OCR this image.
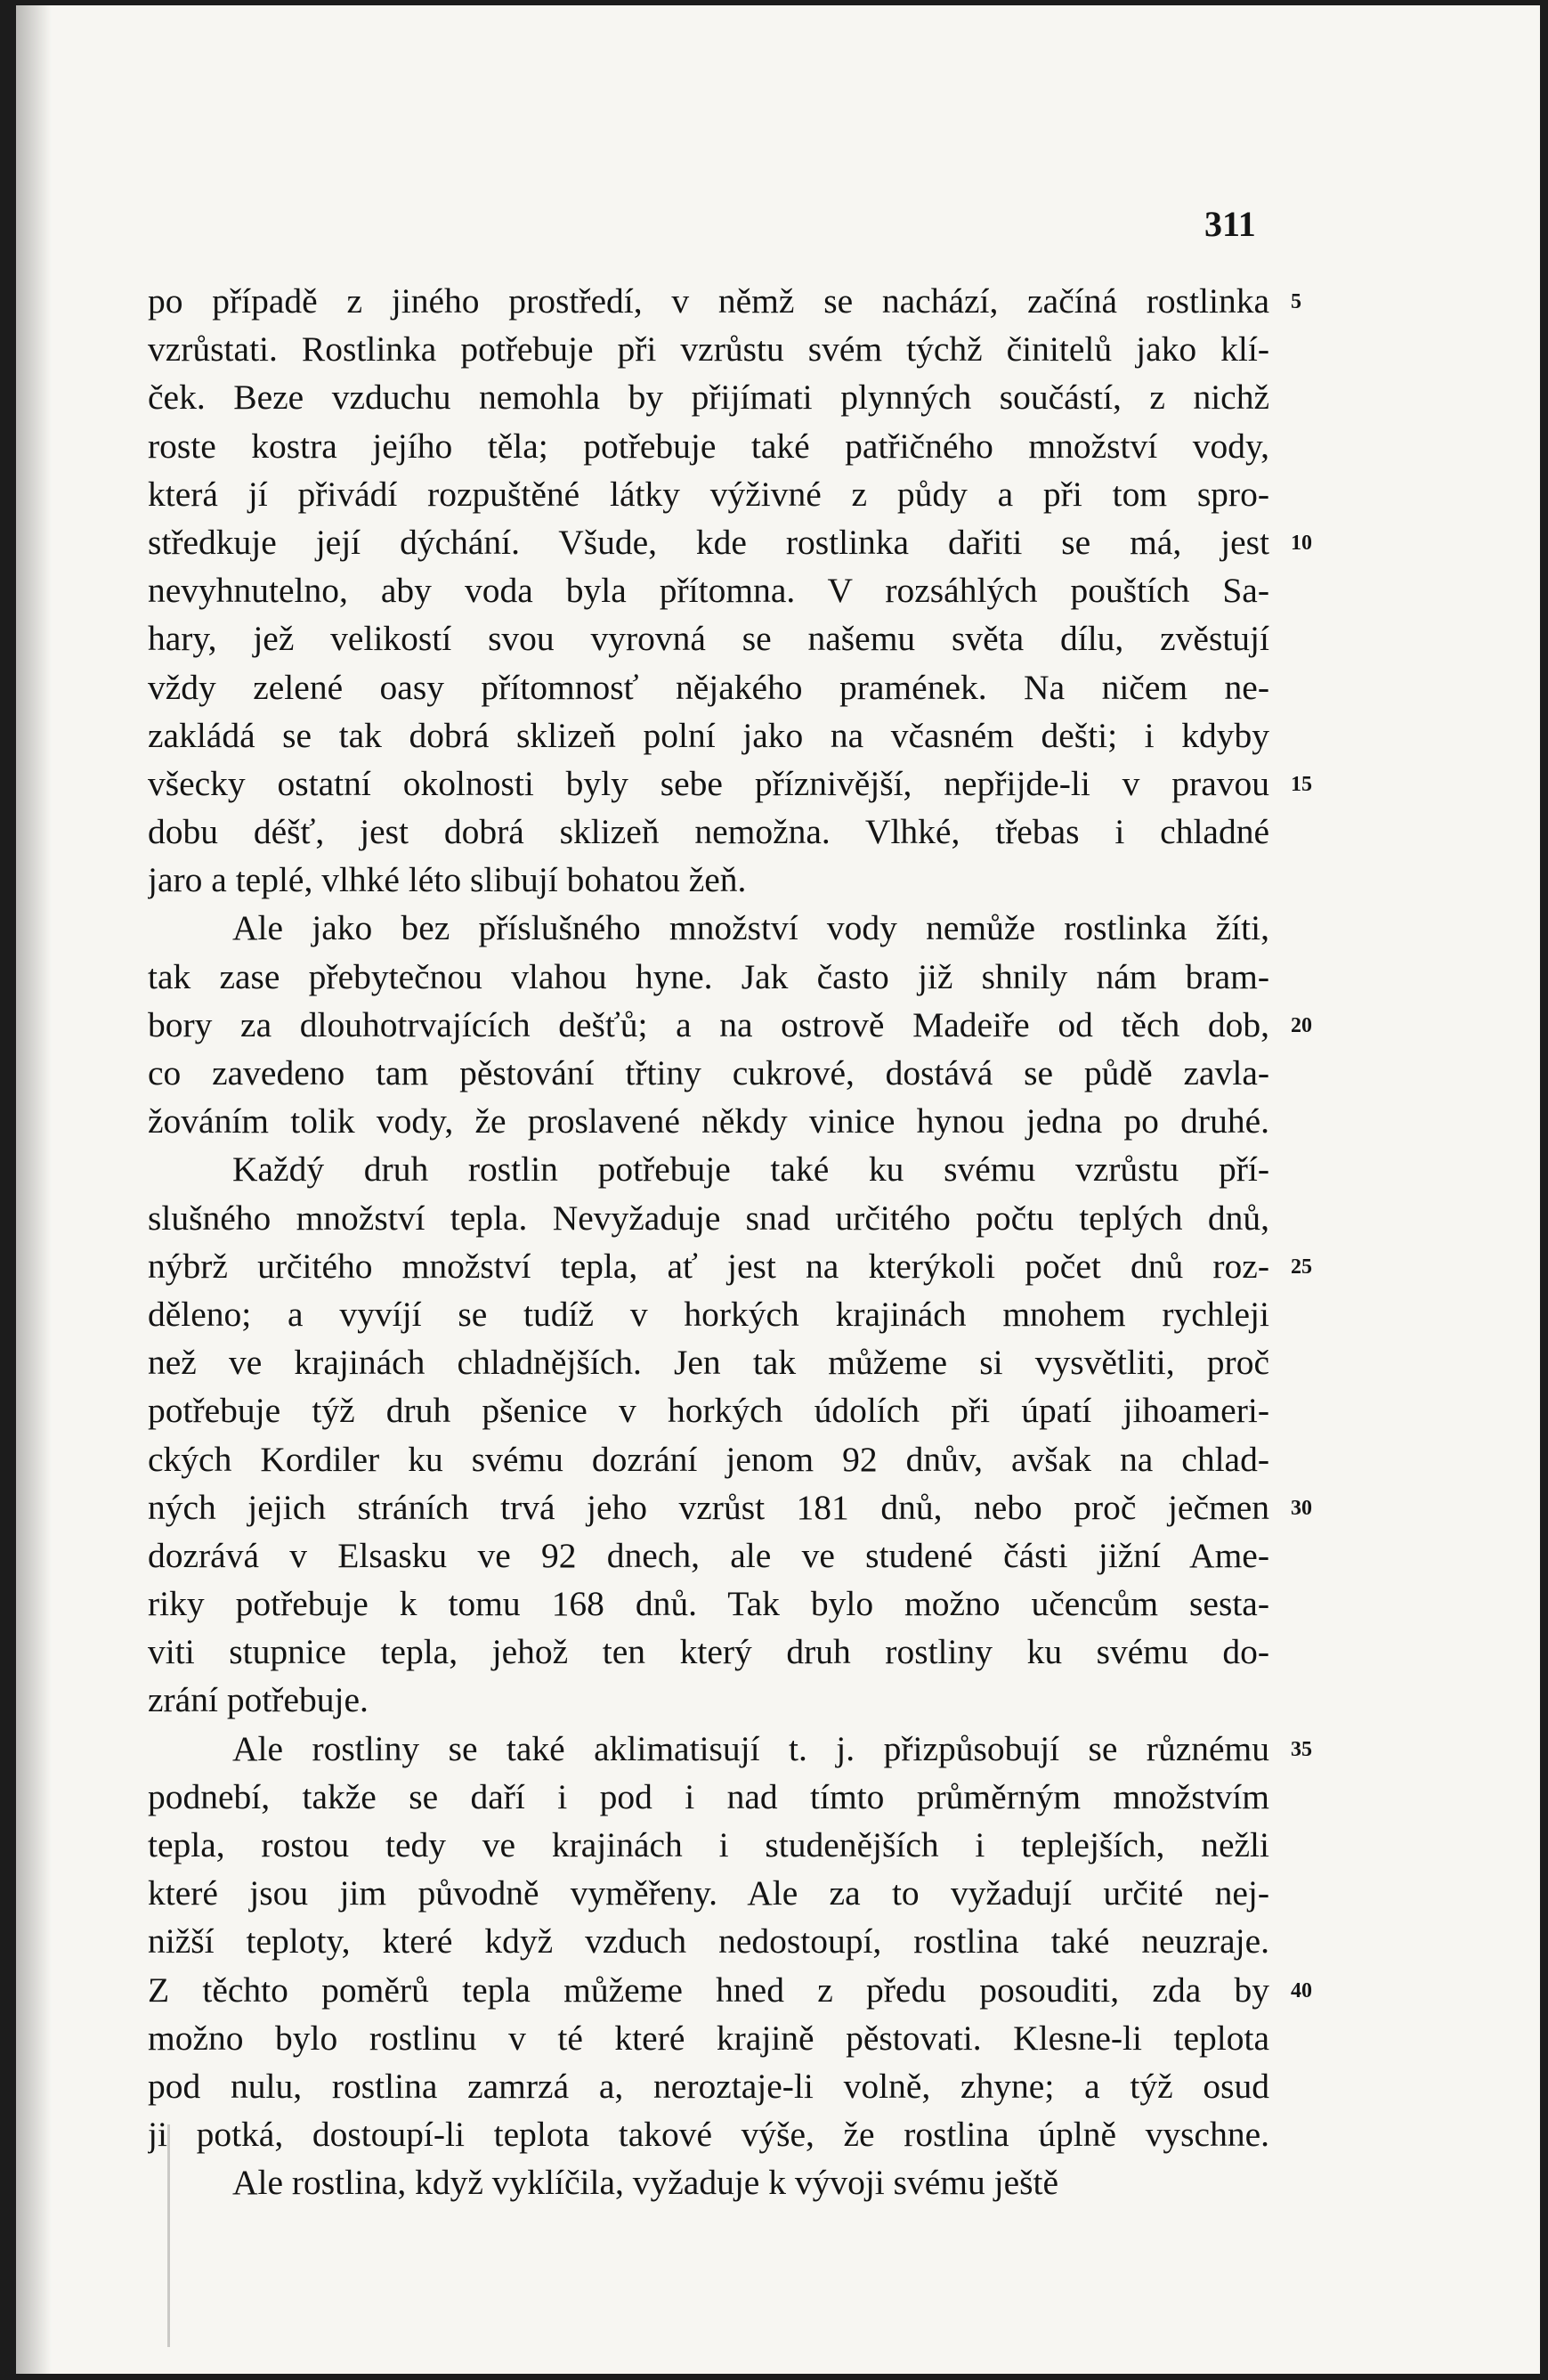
311
po případě z jiného prostředí, v němž se nachází, začíná rostlinka
vzrůstati. Rostlinka potřebuje při vzrůstu svém týchž činitelů jako klí-
ček. Beze vzduchu nemohla by přijímati plynných součástí, z nichž
roste kostra jejího těla; potřebuje také patřičného množství vody,
která jí přivádí rozpuštěné látky výživné z půdy a při tom spro-
středkuje její dýchání. Všude, kde rostlinka dařiti se má, jest
nevyhnutelno, aby voda byla přítomna. V rozsáhlých pouštích Sa-
hary, jež velikostí svou vyrovná se našemu světa dílu, zvěstují
vždy zelené oasy přítomnosť nějakého pramének. Na ničem ne-
zakládá se tak dobrá sklizeň polní jako na včasném dešti; i kdyby
všecky ostatní okolnosti byly sebe příznivější, nepřijde-li v pravou
dobu déšť, jest dobrá sklizeň nemožna. Vlhké, třebas i chladné
jaro a teplé, vlhké léto slibují bohatou žeň.
Ale jako bez příslušného množství vody nemůže rostlinka žíti,
tak zase přebytečnou vlahou hyne. Jak často již shnily nám bram-
bory za dlouhotrvajících dešťů; a na ostrově Madeiře od těch dob,
co zavedeno tam pěstování třtiny cukrové, dostává se půdě zavla-
žováním tolik vody, že proslavené někdy vinice hynou jedna po druhé.
Každý druh rostlin potřebuje také ku svému vzrůstu pří-
slušného množství tepla. Nevyžaduje snad určitého počtu teplých dnů,
nýbrž určitého množství tepla, ať jest na kterýkoli počet dnů roz-
děleno; a vyvíjí se tudíž v horkých krajinách mnohem rychleji
než ve krajinách chladnějších. Jen tak můžeme si vysvětliti, proč
potřebuje týž druh pšenice v horkých údolích při úpatí jihoameri-
ckých Kordiler ku svému dozrání jenom 92 dnův, avšak na chlad-
ných jejich stráních trvá jeho vzrůst 181 dnů, nebo proč ječmen
dozrává v Elsasku ve 92 dnech, ale ve studené části jižní Ame-
riky potřebuje k tomu 168 dnů. Tak bylo možno učencům sesta-
viti stupnice tepla, jehož ten který druh rostliny ku svému do-
zrání potřebuje.
Ale rostliny se také aklimatisují t. j. přizpůsobují se různému
podnebí, takže se daří i pod i nad tímto průměrným množstvím
tepla, rostou tedy ve krajinách i studenějších i teplejších, nežli
které jsou jim původně vyměřeny. Ale za to vyžadují určité nej-
nižší teploty, které když vzduch nedostoupí, rostlina také neuzraje.
Z těchto poměrů tepla můžeme hned z předu posouditi, zda by
možno bylo rostlinu v té které krajině pěstovati. Klesne-li teplota
pod nulu, rostlina zamrzá a, neroztaje-li volně, zhyne; a týž osud
ji potká, dostoupí-li teplota takové výše, že rostlina úplně vyschne.
Ale rostlina, když vyklíčila, vyžaduje k vývoji svému ještě
5
10
15
20
25
30
35
40
